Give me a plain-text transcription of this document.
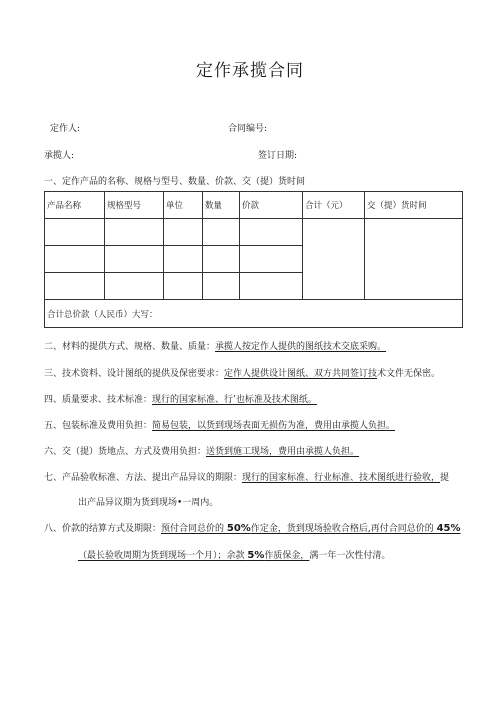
定作承揽合同
定作人:	合同编号:
承揽人:	签订日期:
一、定作产品的名称、规格与型号、数量、价款、交（提）货时间
产品名称	规格型号	单位	数量	价款	合计（元）	交（提）货时间

合计总价款（人民币）大写：						
二、材料的提供方式、规格、数量、质量：承揽人按定作人提供的图纸技术交底采购。
三、技术资料、设计图纸的提供及保密要求：定作人提供设计图纸、双方共同签订技术文件无保密。
四、质量要求、技术标准：现行的国家标准、行’也标准及技术图纸。
五、包装标准及费用负担：简易包装，以货到现场表面无损伤为准，费用由承揽人负担。
六、交（提）货地点、方式及费用负担：送货到施工现场，费用由承揽人负担。
七、产品验收标准、方法、提出产品异议的期限：现行的国家标准、行业标准、技术图纸进行验收，提
出产品异议期为货到现场•一周内。
八、价款的结算方式及期限：预付合同总价的 50%作定金，货到现场验收合格后,再付合同总价的 45%
（最长验收周期为货到现场一个月）；余款 5%作质保金，满一年一次性付清。
